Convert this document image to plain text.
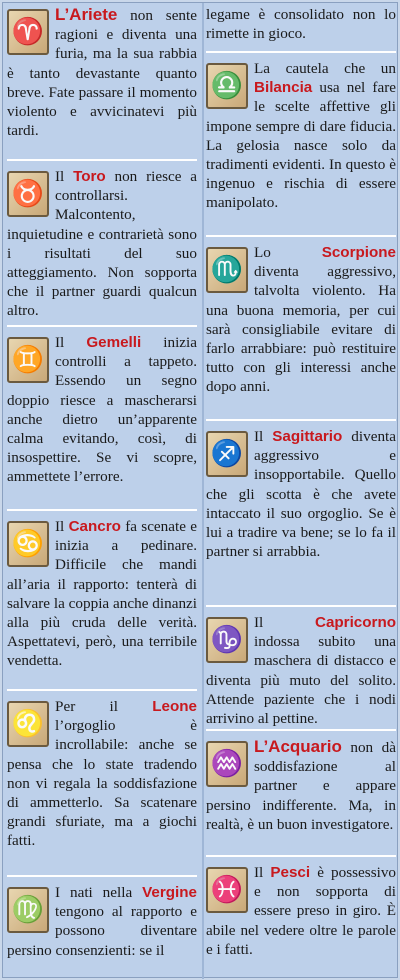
♈
L’Ariete non sente ragioni e diventa una furia, ma la sua rabbia è tanto devastante quanto breve. Fate passare il momento violento e avvicinatevi più tardi.
♉
Il Toro non riesce a controllarsi. Malcontento, inquietudine e contrarietà sono i risultati del suo atteggiamento. Non sopporta che il partner guardi qualcun altro.
♊
Il Gemelli inizia controlli a tappeto. Essendo un segno doppio riesce a mascherarsi anche dietro un’apparente calma evitando, così, di insospettire. Se vi scopre, ammettete l’errore.
♋
Il Cancro fa scenate e inizia a pedinare. Difficile che mandi all’aria il rapporto: tenterà di salvare la coppia anche dinanzi alla più cruda delle verità. Aspettatevi, però, una terribile vendetta.
♌
Per il Leone l’orgoglio è incrollabile: anche se pensa che lo state tradendo non vi regala la soddisfazione di ammetterlo. Sa scatenare grandi sfuriate, ma a giochi fatti.
♍
I nati nella Vergine tengono al rapporto e possono diventare persino consenzienti: se il
legame è consolidato non lo rimette in gioco.
♎
La cautela che un Bilancia usa nel fare le scelte affettive gli impone sempre di dare fiducia. La gelosia nasce solo da tradimenti evidenti. In questo è ingenuo e rischia di essere manipolato.
♏
Lo Scorpione diventa aggressivo, talvolta violento. Ha una buona memoria, per cui sarà consigliabile evitare di farlo arrabbiare: può restituire tutto con gli interessi anche dopo anni.
♐
Il Sagittario diventa aggressivo e insopportabile. Quello che gli scotta è che avete intaccato il suo orgoglio. Se è lui a tradire va bene; se lo fa il partner si arrabbia.
♑
Il Capricorno indossa subito una maschera di distacco e diventa più muto del solito. Attende paziente che i nodi arrivino al pettine.
♒
L’Acquario non dà soddisfazione al partner e appare persino indifferente. Ma, in realtà, è un buon investigatore.
♓
Il Pesci è possessivo e non sopporta di essere preso in giro. È abile nel vedere oltre le parole e i fatti.
